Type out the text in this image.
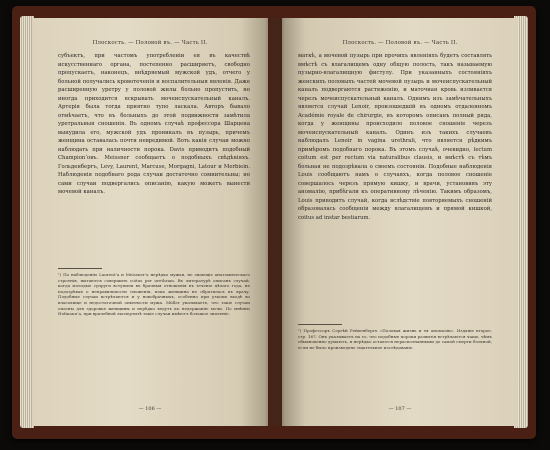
Плоскость. — Половой въ. — Часть II.
субъектъ, при частомъ употребленіи ея въ качествѣ искусственнаго органа, постепенно расширяетъ, свободно пропускаетъ, наконецъ, внѣдряемый мужской удъ, отчего у больной получались кровотеченія и воспалительныя явленія. Даже расширенную уретру у половой жилы больно пропустить, но иногда приходится вскрывать мочеиспускательный каналъ. Артерія была тогда приятно тупо ласкала. Авторъ бывало отмѣчаетъ, что въ больныхъ до этой подвижности замѣтила уретральныя сношенія. Въ одномъ случаѣ профессора Шарцена вынудила его, мужской удъ проникалъ въ пузырь, причемъ женщина оставалась почти невредимой. Воть какія случаи можно наблюдать при наличности порока. Davis приводитъ подобный Champion‘овъ. Meissner сообщаетъ о подобныхъ свѣдѣніяхъ. Гольденбергъ, Levy, Laurent, Marcuse, Morgagni, Latour и Merbiein. Наблюденія подобнаго рода случаи достаточно сомнительны; но сами случаи подвергались описанію, какую можетъ вынести мочевой каналъ.
¹) По наблюденію Laurent’a и Meissner’а нерѣдко мужья, не знающіе анатомическаго строенія, пытаются совершить coitus per urethram. Въ литературѣ описанъ случай, когда молодые супруги вступили въ брачныя отношенія въ теченіе цѣлаго года, не подозрѣвая о неправильности сношенія, пока женщина не обратилась къ врачу. Подобные случаи встрѣчаются и у новобрачныхъ, особенно при узкомъ входѣ во влагалище и недостаточной опытности мужа. Müller указываетъ, что такіе случаи опасны для здоровья женщины и нерѣдко ведутъ къ недержанію мочи. По мнѣнію Hofmann’a, при врачебной экспертизѣ такіе случаи имѣютъ большое значеніе.
— 106 —
Плоскость. — Половой въ. — Часть II.
маткѣ, а мочевой пузырь при прочихъ явленіяхъ будетъ составлять вмѣстѣ съ влагалищемъ одну общую полость, такъ называемую пузырно-влагалищную фистулу. При указанныхъ состояніяхъ женскихъ половыхъ частей мочевой пузырь и мочеиспускательный каналъ подвергаются растяженію, и маточная кровь изливается черезъ мочеиспускательный каналъ. Однимъ изъ замѣчательныхъ является случай Lenoir, произошедшій въ одномъ отдаленномъ Académie royale de chirurgie, въ которомъ описанъ полный ряда, когда у женщины происходило половое сношеніе черезъ мочеиспускательный каналъ. Одинъ изъ такихъ случаевъ наблюдалъ Lenoir in vagina urethrali, что является рѣдкимъ примѣромъ подобнаго порока. Въ этомъ случаѣ, очевидно, lectum coitum est per rectum via naturalibus clausis, и вмѣстѣ съ тѣмъ больная не подозрѣвала о своемъ состояніи. Подобные наблюденія Louis сообщаютъ намъ о случаяхъ, когда половое сношеніе совершалось черезъ прямую кишку, и врачи, установивъ эту аномалію, прибѣгали къ оперативному лѣченію. Такимъ образомъ, Louis приводитъ случай, когда вслѣдствіе повторяемыхъ сношеній образовалась сообщенія между влагалищемъ и прямой кишкой, coitus ad instar bestiarum.
¹) Профессоръ Сергѣй Рейхенбергъ «Половая жизнь и ея аномаліи». Изданіе второе, стр. 167. Онъ указываетъ на то, что подобные пороки развитія встрѣчаются чаще, чѣмъ обыкновенно думаютъ, и нерѣдко остаются нераспознанными до самой смерти больной, если не было произведено тщательное изслѣдованіе.
— 107 —
